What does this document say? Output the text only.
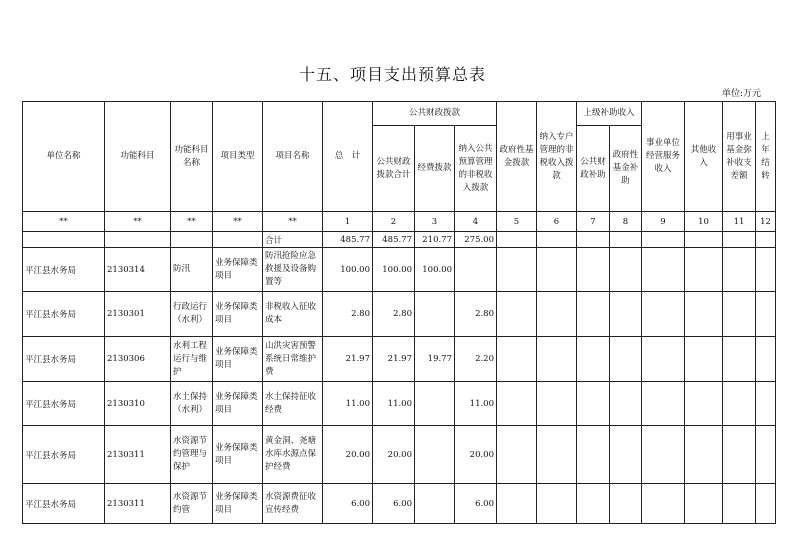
十五、项目支出预算总表
单位:万元
单位名称	功能科目	功能科目名称	项目类型	项目名称	总　计	公共财政拨款			政府性基金拨款	纳入专户管理的非税收入拨款	上级补助收入		事业单位经营服务收入	其他收入	用事业基金弥补收支差额	上年结转
						公共财政拨款合计	经费拨款	纳入公共预算管理的非税收入拨款			公共财政补助	政府性基金补助				
**	**	**	**	**	1	2	3	4	5	6	7	8	9	10	11	12
				合计	485.77	485.77	210.77	275.00								
平江县水务局	2130314	防汛	业务保障类项目	防汛抢险应急救援及设备购置等	100.00	100.00	100.00									
平江县水务局	2130301	行政运行（水利）	业务保障类项目	非税收入征收成本	2.80	2.80		2.80								
平江县水务局	2130306	水利工程运行与维护	业务保障类项目	山洪灾害预警系统日常维护费	21.97	21.97	19.77	2.20								
平江县水务局	2130310	水土保持（水利）	业务保障类项目	水土保持征收经费	11.00	11.00		11.00								
平江县水务局	2130311	水资源节约管理与保护	业务保障类项目	黄金洞、尧塘水库水源点保护经费	20.00	20.00		20.00								
平江县水务局	2130311	水资源节约管	业务保障类项目	水资源费征收宣传经费	6.00	6.00		6.00								
